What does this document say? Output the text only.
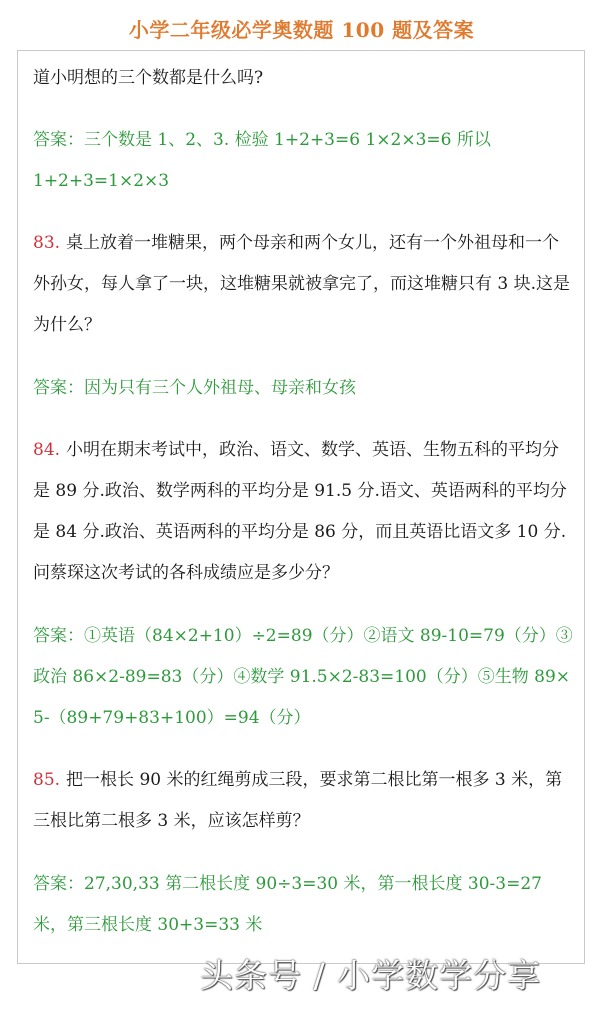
小学二年级必学奥数题 100 题及答案

道小明想的三个数都是什么吗?

答案：三个数是 1、2、3. 检验 1+2+3=6 1×2×3=6 所以

1+2+3=1×2×3

83. 桌上放着一堆糖果，两个母亲和两个女儿，还有一个外祖母和一个外孙女，每人拿了一块，这堆糖果就被拿完了，而这堆糖只有 3 块.这是为什么？

答案：因为只有三个人外祖母、母亲和女孩

84. 小明在期末考试中，政治、语文、数学、英语、生物五科的平均分是 89 分.政治、数学两科的平均分是 91.5 分.语文、英语两科的平均分是 84 分.政治、英语两科的平均分是 86 分，而且英语比语文多 10 分.问蔡琛这次考试的各科成绩应是多少分？

答案：①英语（84×2+10）÷2=89（分）②语文 89-10=79（分）③政治 86×2-89=83（分）④数学 91.5×2-83=100（分）⑤生物 89×5-（89+79+83+100）=94（分）

85. 把一根长 90 米的红绳剪成三段，要求第二根比第一根多 3 米，第三根比第二根多 3 米，应该怎样剪？

答案：27,30,33 第二根长度 90÷3=30 米，第一根长度 30-3=27 米，第三根长度 30+3=33 米

头条号 / 小学数学分享
